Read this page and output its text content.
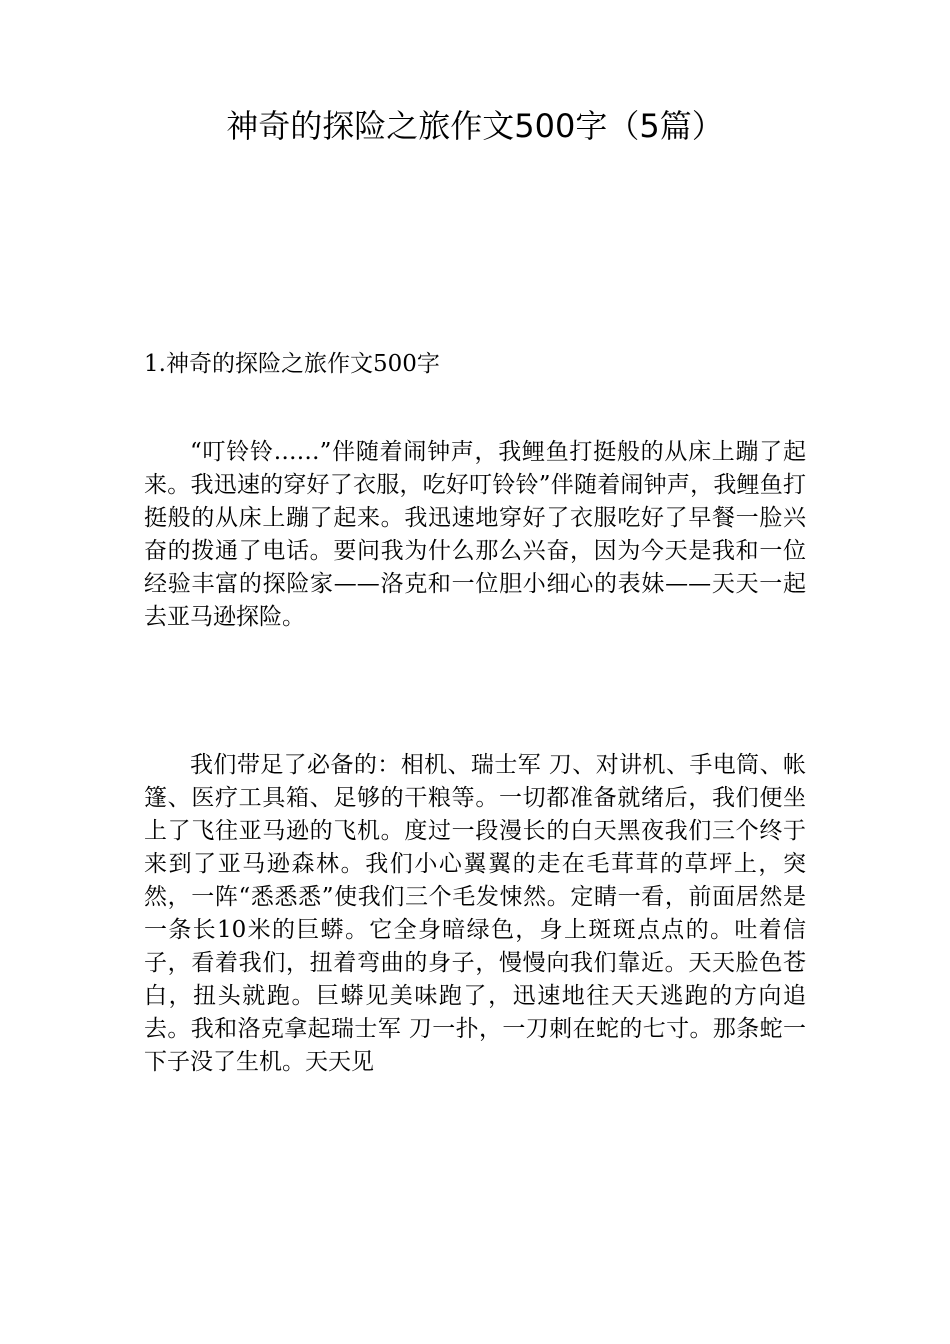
神奇的探险之旅作文500字（5篇）
1.神奇的探险之旅作文500字

“叮铃铃……”伴随着闹钟声，我鲤鱼打挺般的从床上蹦了起来。我迅速的穿好了衣服，吃好叮铃铃”伴随着闹钟声，我鲤鱼打挺般的从床上蹦了起来。我迅速地穿好了衣服吃好了早餐一脸兴奋的拨通了电话。要问我为什么那么兴奋，因为今天是我和一位经验丰富的探险家——洛克和一位胆小细心的表妹——天天一起去亚马逊探险。

我们带足了必备的：相机、瑞士军 刀、对讲机、手电筒、帐篷、医疗工具箱、足够的干粮等。一切都准备就绪后，我们便坐上了飞往亚马逊的飞机。度过一段漫长的白天黑夜我们三个终于来到了亚马逊森林。我们小心翼翼的走在毛茸茸的草坪上，突然，一阵“悉悉悉”使我们三个毛发悚然。定睛一看，前面居然是一条长10米的巨蟒。它全身暗绿色，身上斑斑点点的。吐着信子，看着我们，扭着弯曲的身子，慢慢向我们靠近。天天脸色苍白，扭头就跑。巨蟒见美味跑了，迅速地往天天逃跑的方向追去。我和洛克拿起瑞士军 刀一扑，一刀刺在蛇的七寸。那条蛇一下子没了生机。天天见
